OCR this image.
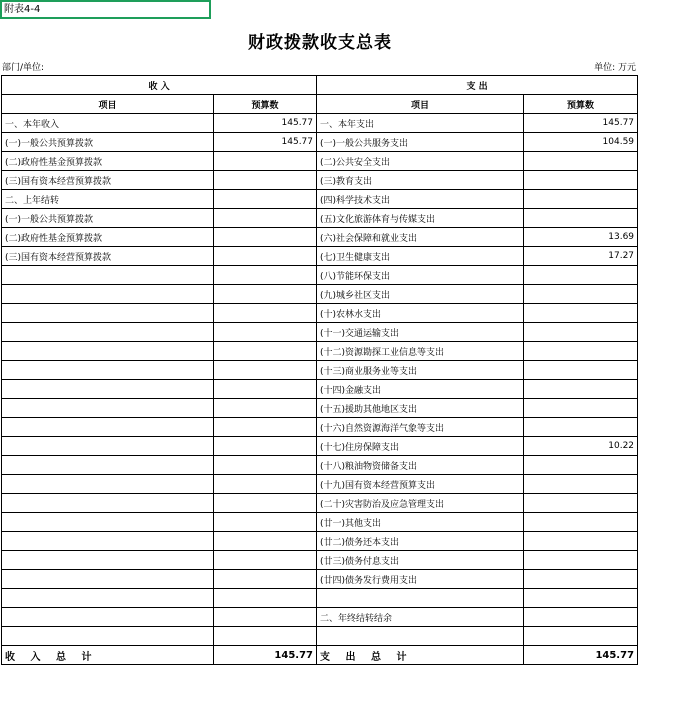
附表4-4
财政拨款收支总表
部门/单位:	单位: 万元
收 入		支 出	
项目	预算数	项目	预算数
一、本年收入	145.77	一、本年支出	145.77
(一)一般公共预算拨款	145.77	(一)一般公共服务支出	104.59
(二)政府性基金预算拨款		(二)公共安全支出	
(三)国有资本经营预算拨款		(三)教育支出	
二、上年结转		(四)科学技术支出	
(一)一般公共预算拨款		(五)文化旅游体育与传媒支出	
(二)政府性基金预算拨款		(六)社会保障和就业支出	13.69
(三)国有资本经营预算拨款		(七)卫生健康支出	17.27
		(八)节能环保支出	
		(九)城乡社区支出	
		(十)农林水支出	
		(十一)交通运输支出	
		(十二)资源勘探工业信息等支出	
		(十三)商业服务业等支出	
		(十四)金融支出	
		(十五)援助其他地区支出	
		(十六)自然资源海洋气象等支出	
		(十七)住房保障支出	10.22
		(十八)粮油物资储备支出	
		(十九)国有资本经营预算支出	
		(二十)灾害防治及应急管理支出	
		(廿一)其他支出	
		(廿二)债务还本支出	
		(廿三)债务付息支出	
		(廿四)债务发行费用支出	

		二、年终结转结余	

收 入 总 计	145.77	支 出 总 计	145.77
